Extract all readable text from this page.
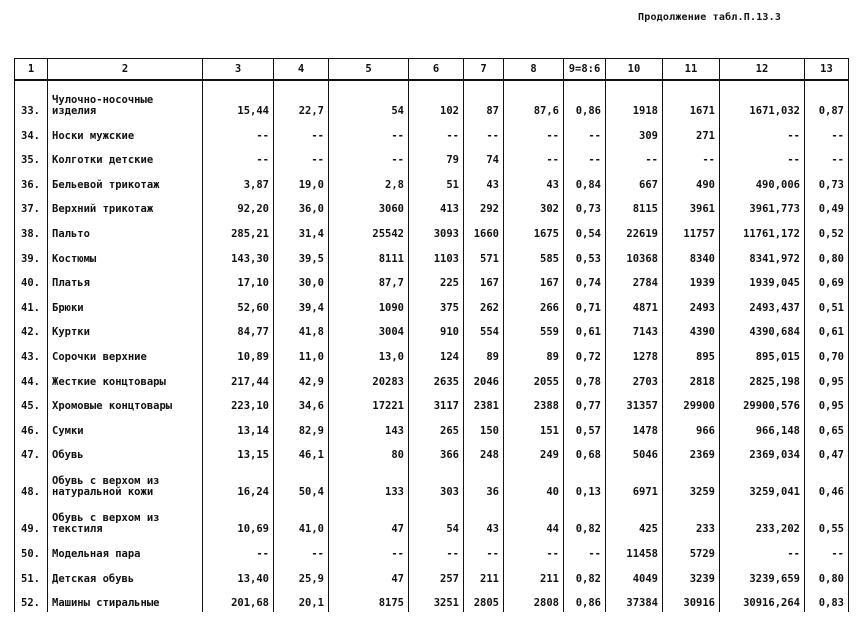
Продолжение табл.П.13.3
1	2	3	4	5	6	7	8	9=8:6	10	11	12	13
33.	Чулочно-носочные изделия	15,44	22,7	54	102	87	87,6	0,86	1918	1671	1671,032	0,87
34.	Носки мужские	--	--	--	--	--	--	--	309	271	--	--
35.	Колготки детские	--	--	--	79	74	--	--	--	--	--	--
36.	Бельевой трикотаж	3,87	19,0	2,8	51	43	43	0,84	667	490	490,006	0,73
37.	Верхний трикотаж	92,20	36,0	3060	413	292	302	0,73	8115	3961	3961,773	0,49
38.	Пальто	285,21	31,4	25542	3093	1660	1675	0,54	22619	11757	11761,172	0,52
39.	Костюмы	143,30	39,5	8111	1103	571	585	0,53	10368	8340	8341,972	0,80
40.	Платья	17,10	30,0	87,7	225	167	167	0,74	2784	1939	1939,045	0,69
41.	Брюки	52,60	39,4	1090	375	262	266	0,71	4871	2493	2493,437	0,51
42.	Куртки	84,77	41,8	3004	910	554	559	0,61	7143	4390	4390,684	0,61
43.	Сорочки верхние	10,89	11,0	13,0	124	89	89	0,72	1278	895	895,015	0,70
44.	Жесткие концтовары	217,44	42,9	20283	2635	2046	2055	0,78	2703	2818	2825,198	0,95
45.	Хромовые концтовары	223,10	34,6	17221	3117	2381	2388	0,77	31357	29900	29900,576	0,95
46.	Сумки	13,14	82,9	143	265	150	151	0,57	1478	966	966,148	0,65
47.	Обувь	13,15	46,1	80	366	248	249	0,68	5046	2369	2369,034	0,47
48.	Обувь с верхом из натуральной кожи	16,24	50,4	133	303	36	40	0,13	6971	3259	3259,041	0,46
49.	Обувь с верхом из текстиля	10,69	41,0	47	54	43	44	0,82	425	233	233,202	0,55
50.	Модельная пара	--	--	--	--	--	--	--	11458	5729	--	--
51.	Детская обувь	13,40	25,9	47	257	211	211	0,82	4049	3239	3239,659	0,80
52.	Машины стиральные	201,68	20,1	8175	3251	2805	2808	0,86	37384	30916	30916,264	0,83
